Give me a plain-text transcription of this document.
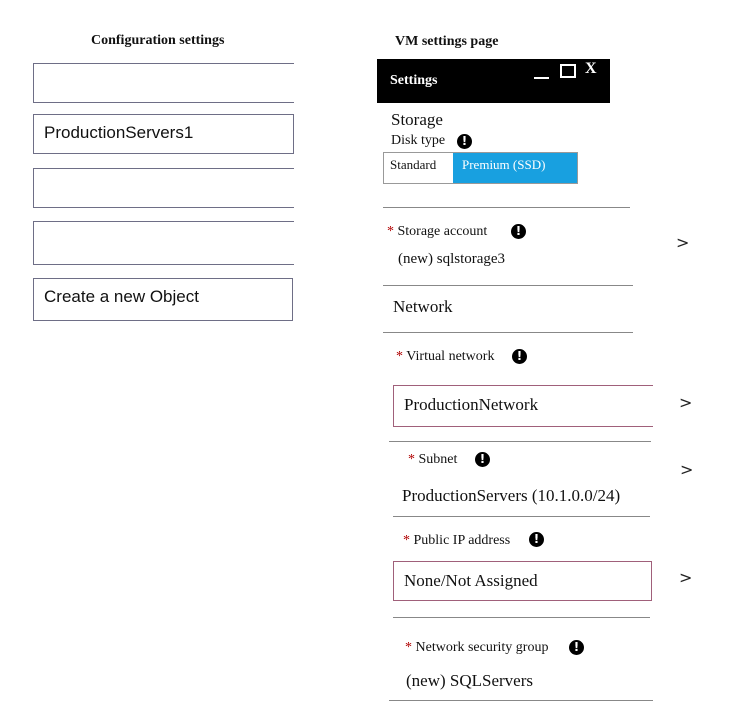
Configuration settings
ProductionServers1
Create a new Object
VM settings page
Settings
X
Storage
Disk type	!
Standard	Premium (SSD)
* Storage account	!
(new) sqlstorage3
>
Network
* Virtual network	!
ProductionNetwork	>
* Subnet	!
ProductionServers (10.1.0.0/24)
>
* Public IP address	!
None/Not Assigned	>
* Network security group	!
(new) SQLServers
